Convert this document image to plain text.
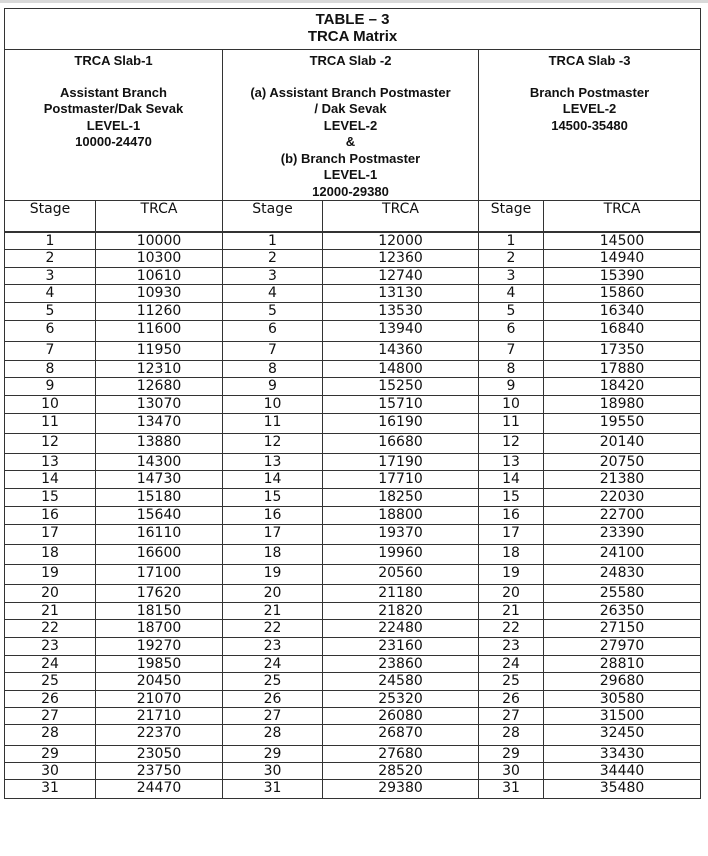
TABLE – 3
TRCA Matrix					

TRCA Slab-1
Assistant Branch
Postmaster/Dak Sevak
LEVEL-1
10000-24470

TRCA Slab -2
(a) Assistant Branch Postmaster
/ Dak Sevak
LEVEL-2
&
(b) Branch Postmaster
LEVEL-1
12000-29380

TRCA Slab -3
Branch Postmaster
LEVEL-2
14500-35480

Stage	TRCA	Stage	TRCA	Stage	TRCA
1	10000	1	12000	1	14500
2	10300	2	12360	2	14940
3	10610	3	12740	3	15390
4	10930	4	13130	4	15860
5	11260	5	13530	5	16340
6	11600	6	13940	6	16840
7	11950	7	14360	7	17350
8	12310	8	14800	8	17880
9	12680	9	15250	9	18420
10	13070	10	15710	10	18980
11	13470	11	16190	11	19550
12	13880	12	16680	12	20140
13	14300	13	17190	13	20750
14	14730	14	17710	14	21380
15	15180	15	18250	15	22030
16	15640	16	18800	16	22700
17	16110	17	19370	17	23390
18	16600	18	19960	18	24100
19	17100	19	20560	19	24830
20	17620	20	21180	20	25580
21	18150	21	21820	21	26350
22	18700	22	22480	22	27150
23	19270	23	23160	23	27970
24	19850	24	23860	24	28810
25	20450	25	24580	25	29680
26	21070	26	25320	26	30580
27	21710	27	26080	27	31500
28	22370	28	26870	28	32450
29	23050	29	27680	29	33430
30	23750	30	28520	30	34440
31	24470	31	29380	31	35480
